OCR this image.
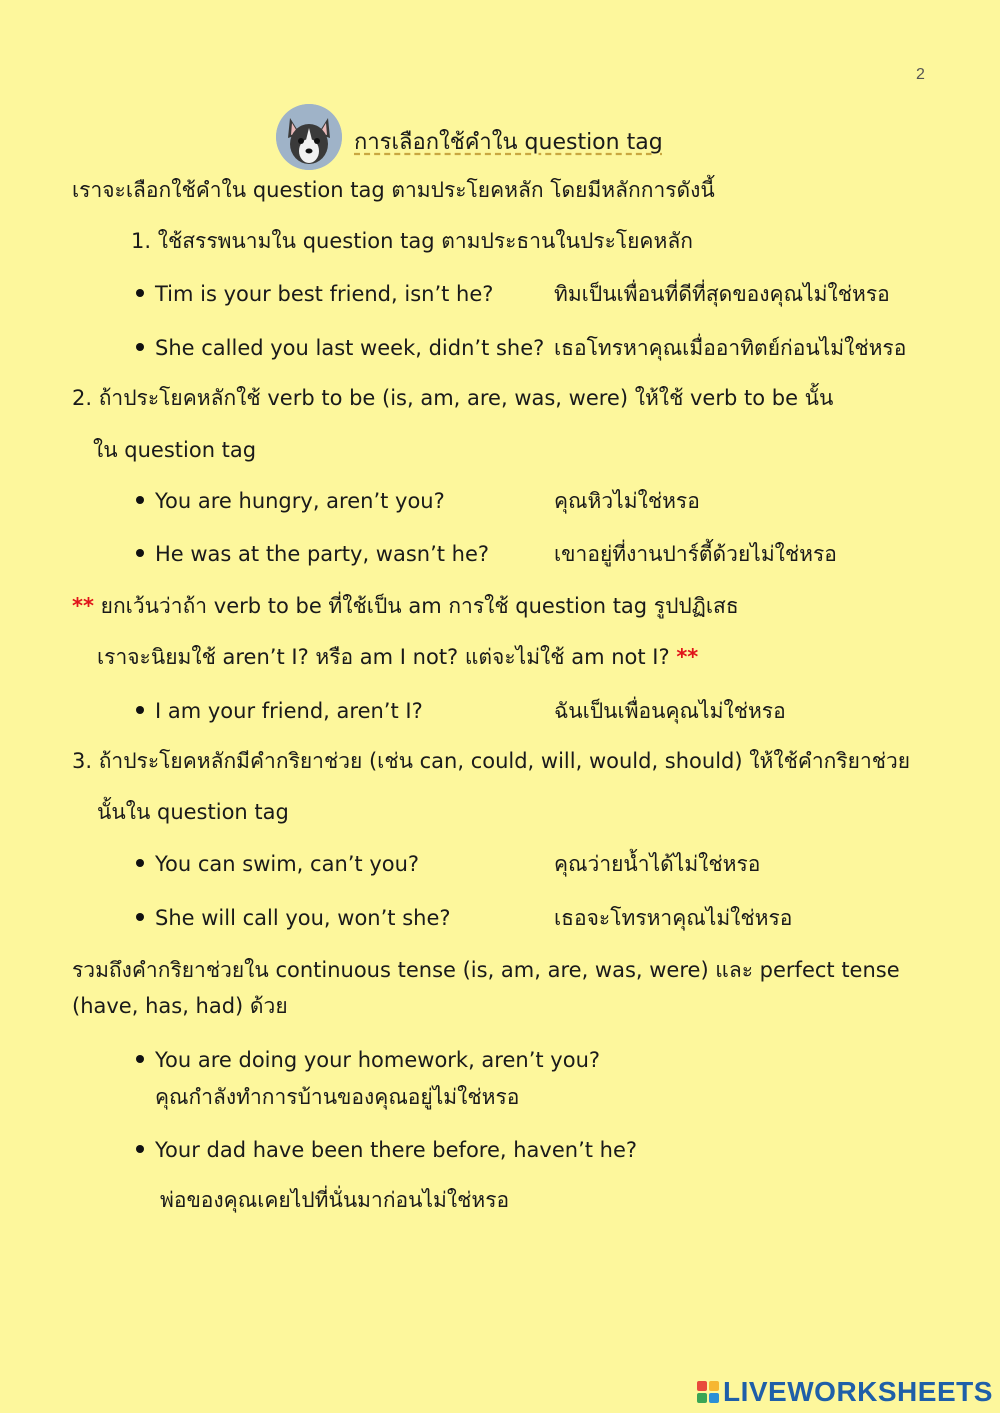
2
การเลือกใช้คำใน question tag
เราจะเลือกใช้คำใน question tag ตามประโยคหลัก โดยมีหลักการดังนี้
1. ใช้สรรพนามใน question tag ตามประธานในประโยคหลัก
Tim is your best friend, isn’t he?	ทิมเป็นเพื่อนที่ดีที่สุดของคุณไม่ใช่หรอ
She called you last week, didn’t she? เธอโทรหาคุณเมื่ออาทิตย์ก่อนไม่ใช่หรอ
2. ถ้าประโยคหลักใช้ verb to be (is, am, are, was, were) ให้ใช้ verb to be นั้น
ใน question tag
You are hungry, aren’t you?	คุณหิวไม่ใช่หรอ
He was at the party, wasn’t he?	เขาอยู่ที่งานปาร์ตี้ด้วยไม่ใช่หรอ
** ยกเว้นว่าถ้า verb to be ที่ใช้เป็น am การใช้ question tag รูปปฏิเสธ
เราจะนิยมใช้ aren’t I? หรือ am I not? แต่จะไม่ใช้ am not I? **
I am your friend, aren’t I?	ฉันเป็นเพื่อนคุณไม่ใช่หรอ
3. ถ้าประโยคหลักมีคำกริยาช่วย (เช่น can, could, will, would, should) ให้ใช้คำกริยาช่วย
นั้นใน question tag
You can swim, can’t you?	คุณว่ายน้ำได้ไม่ใช่หรอ
She will call you, won’t she?	เธอจะโทรหาคุณไม่ใช่หรอ
รวมถึงคำกริยาช่วยใน continuous tense (is, am, are, was, were) และ perfect tense
(have, has, had) ด้วย
You are doing your homework, aren’t you?
คุณกำลังทำการบ้านของคุณอยู่ไม่ใช่หรอ
Your dad have been there before, haven’t he?
พ่อของคุณเคยไปที่นั่นมาก่อนไม่ใช่หรอ
LIVEWORKSHEETS
